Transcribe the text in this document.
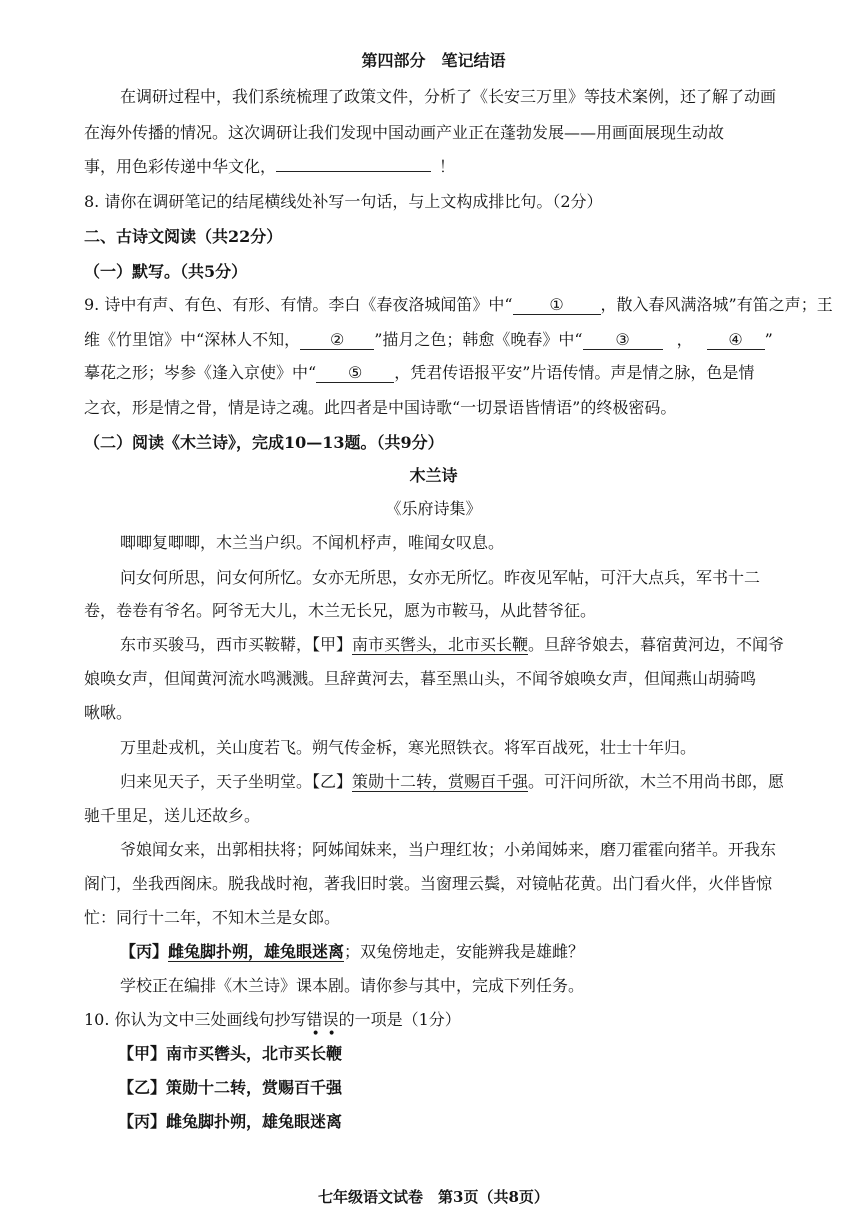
第四部分　笔记结语
在调研过程中，我们系统梳理了政策文件，分析了《长安三万里》等技术案例，还了解了动画
在海外传播的情况。这次调研让我们发现中国动画产业正在蓬勃发展——用画面展现生动故
事，用色彩传递中华文化，	！
8. 请你在调研笔记的结尾横线处补写一句话，与上文构成排比句。（2分）
二、古诗文阅读（共22分）
（一）默写。（共5分）
9. 诗中有声、有色、有形、有情。李白《春夜洛城闻笛》中“ ① ，散入春风满洛城”有笛之声；王
维《竹里馆》中“深林人不知， ② ”描月之色；韩愈《晚春》中“ ③	， ④ ”
摹花之形；岑参《逢入京使》中“ ⑤ ，凭君传语报平安”片语传情。声是情之脉，色是情
之衣，形是情之骨，情是诗之魂。此四者是中国诗歌“一切景语皆情语”的终极密码。
（二）阅读《木兰诗》，完成10—13题。（共9分）
木兰诗
《乐府诗集》
唧唧复唧唧，木兰当户织。不闻机杼声，唯闻女叹息。
问女何所思，问女何所忆。女亦无所思，女亦无所忆。昨夜见军帖，可汗大点兵，军书十二
卷，卷卷有爷名。阿爷无大儿，木兰无长兄，愿为市鞍马，从此替爷征。
东市买骏马，西市买鞍鞯，【甲】南市买辔头，北市买长鞭。旦辞爷娘去，暮宿黄河边，不闻爷
娘唤女声，但闻黄河流水鸣溅溅。旦辞黄河去，暮至黑山头，不闻爷娘唤女声，但闻燕山胡骑鸣
啾啾。
万里赴戎机，关山度若飞。朔气传金柝，寒光照铁衣。将军百战死，壮士十年归。
归来见天子，天子坐明堂。【乙】策勋十二转，赏赐百千强。可汗问所欲，木兰不用尚书郎，愿
驰千里足，送儿还故乡。
爷娘闻女来，出郭相扶将；阿姊闻妹来，当户理红妆；小弟闻姊来，磨刀霍霍向猪羊。开我东
阁门，坐我西阁床。脱我战时袍，著我旧时裳。当窗理云鬓，对镜帖花黄。出门看火伴，火伴皆惊
忙：同行十二年，不知木兰是女郎。
【丙】雌兔脚扑朔，雄兔眼迷离；双兔傍地走，安能辨我是雄雌？
学校正在编排《木兰诗》课本剧。请你参与其中，完成下列任务。
10. 你认为文中三处画线句抄写错误
• •
的一项是（1分）
【甲】南市买辔头，北市买长鞭
【乙】策勋十二转，赏赐百千强
【丙】雌兔脚扑朔，雄兔眼迷离
七年级语文试卷　第3页（共8页）
